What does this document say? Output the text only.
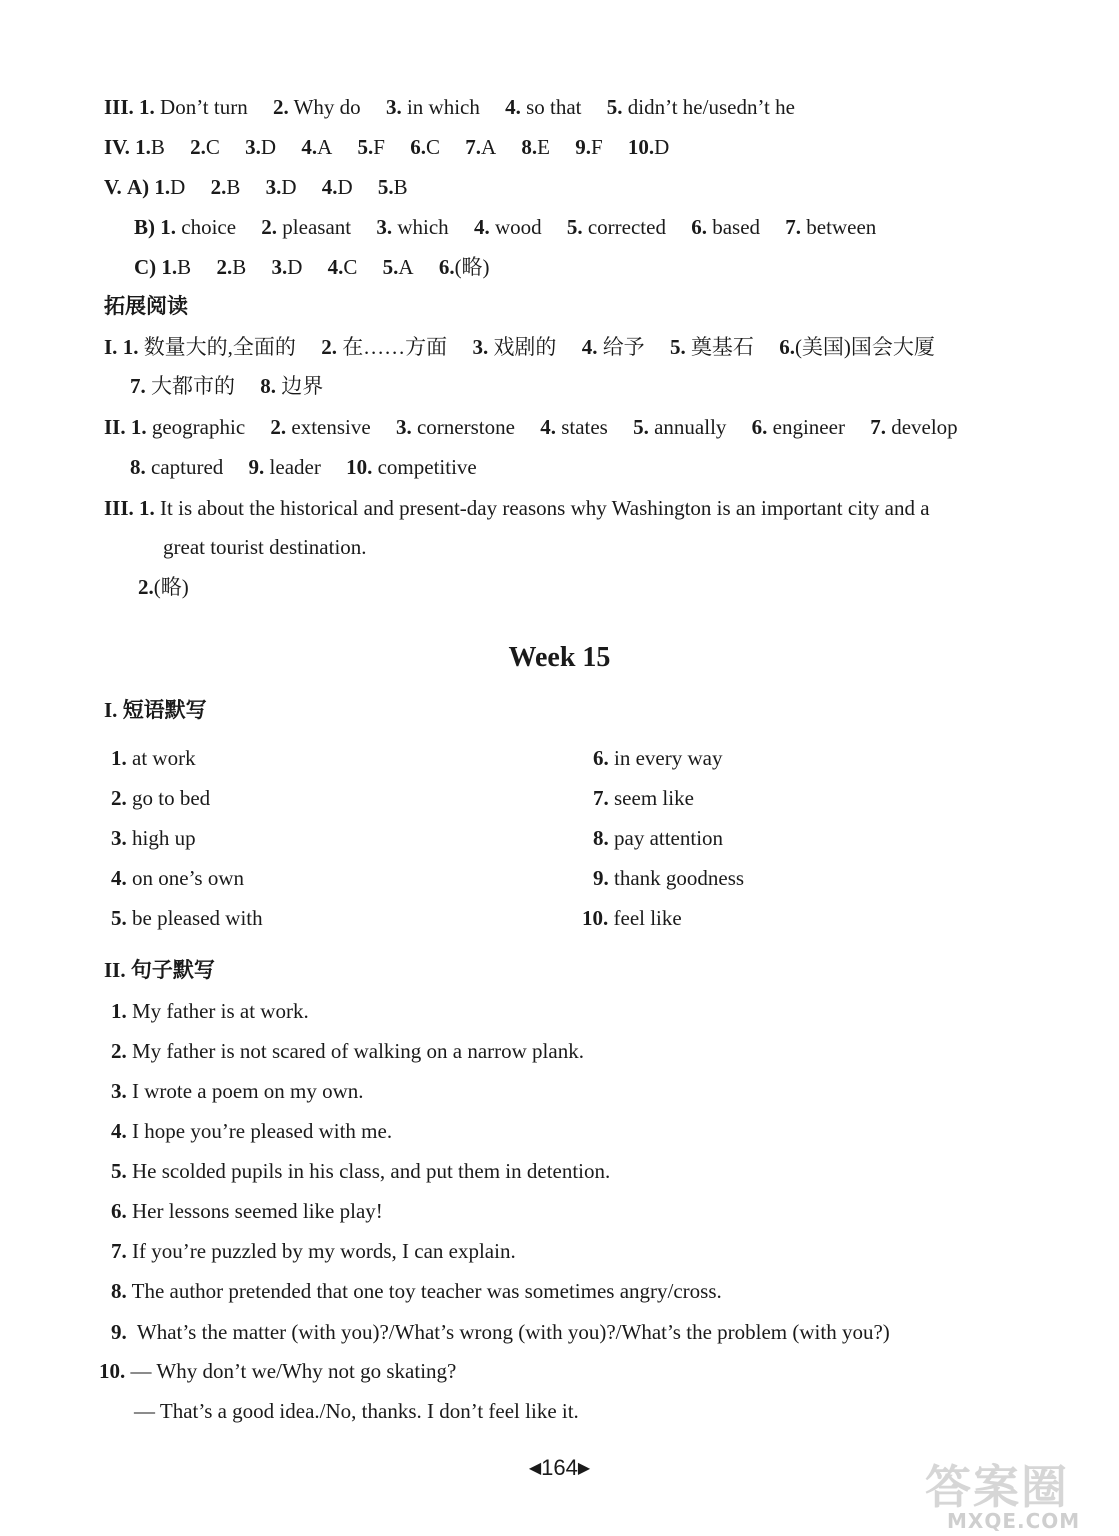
III. 1. Don’t turn 2. Why do 3. in which 4. so that 5. didn’t he/usedn’t he
IV. 1.B 2.C 3.D 4.A 5.F 6.C 7.A 8.E 9.F 10.D
V. A) 1.D 2.B 3.D 4.D 5.B
B) 1. choice 2. pleasant 3. which 4. wood 5. corrected 6. based 7. between
C) 1.B 2.B 3.D 4.C 5.A 6.(略)
拓展阅读
I. 1. 数量大的,全面的 2. 在……方面 3. 戏剧的 4. 给予 5. 奠基石 6.(美国)国会大厦
7. 大都市的 8. 边界
II. 1. geographic 2. extensive 3. cornerstone 4. states 5. annually 6. engineer 7. develop
8. captured 9. leader 10. competitive
III. 1. It is about the historical and present-day reasons why Washington is an important city and a
great tourist destination.
2.(略)
Week 15
I. 短语默写
1. at work
2. go to bed
3. high up
4. on one’s own
5. be pleased with
6. in every way
7. seem like
8. pay attention
9. thank goodness
10. feel like
II. 句子默写
1. My father is at work.
2. My father is not scared of walking on a narrow plank.
3. I wrote a poem on my own.
4. I hope you’re pleased with me.
5. He scolded pupils in his class, and put them in detention.
6. Her lessons seemed like play!
7. If you’re puzzled by my words, I can explain.
8. The author pretended that one toy teacher was sometimes angry/cross.
9. What’s the matter (with you)?/What’s wrong (with you)?/What’s the problem (with you?)
10. — Why don’t we/Why not go skating?
— That’s a good idea./No, thanks. I don’t feel like it.
◀164▶	答案圈
MXQE.COM
